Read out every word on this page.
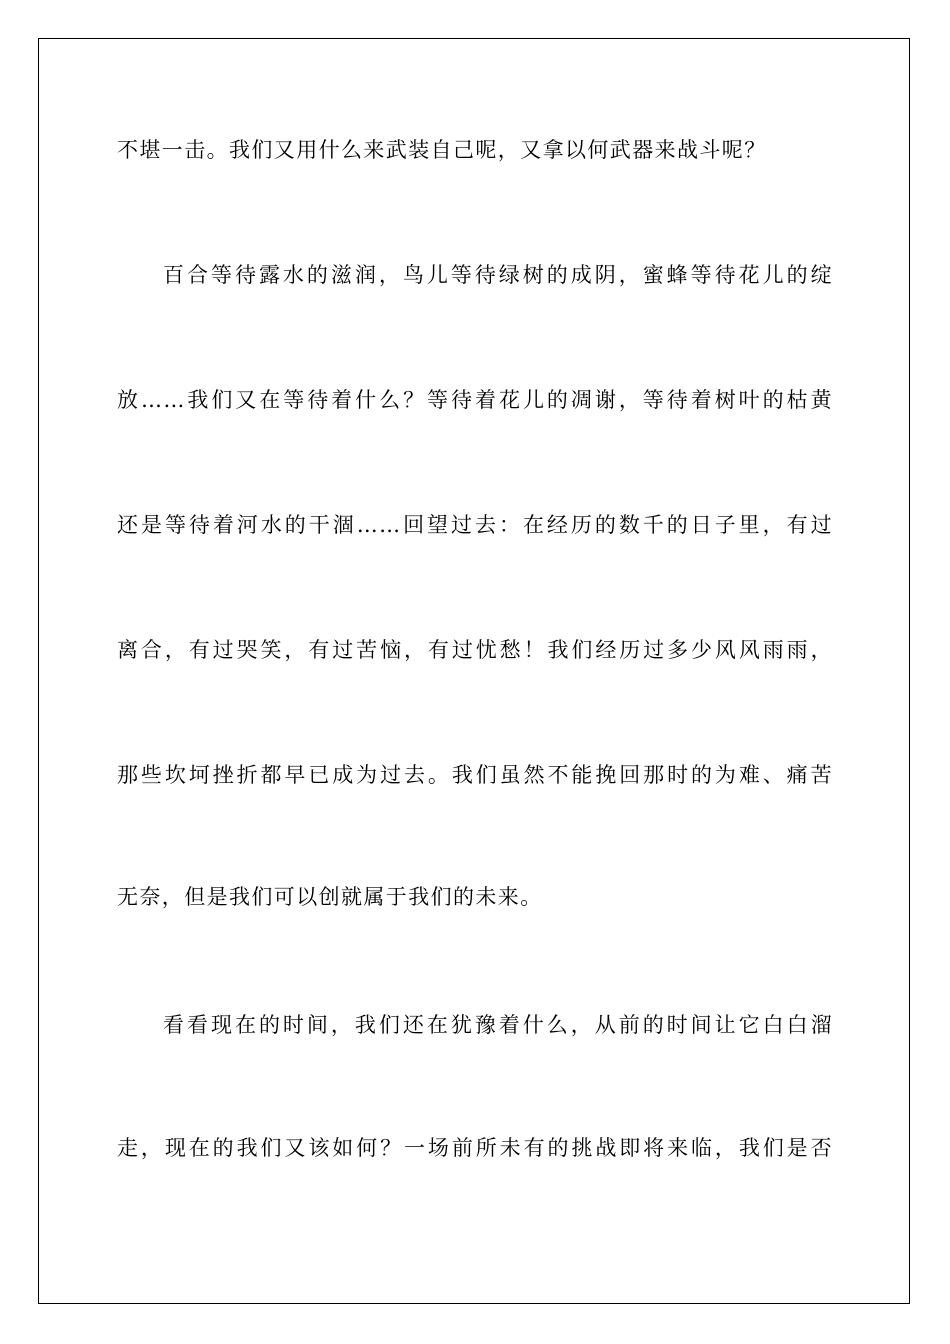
不堪一击。我们又用什么来武装自己呢，又拿以何武器来战斗呢？
百合等待露水的滋润，鸟儿等待绿树的成阴，蜜蜂等待花儿的绽
放……我们又在等待着什么？等待着花儿的凋谢，等待着树叶的枯黄
还是等待着河水的干涸……回望过去：在经历的数千的日子里，有过
离合，有过哭笑，有过苦恼，有过忧愁！我们经历过多少风风雨雨，
那些坎坷挫折都早已成为过去。我们虽然不能挽回那时的为难、痛苦
无奈，但是我们可以创就属于我们的未来。
看看现在的时间，我们还在犹豫着什么，从前的时间让它白白溜
走，现在的我们又该如何？一场前所未有的挑战即将来临，我们是否
